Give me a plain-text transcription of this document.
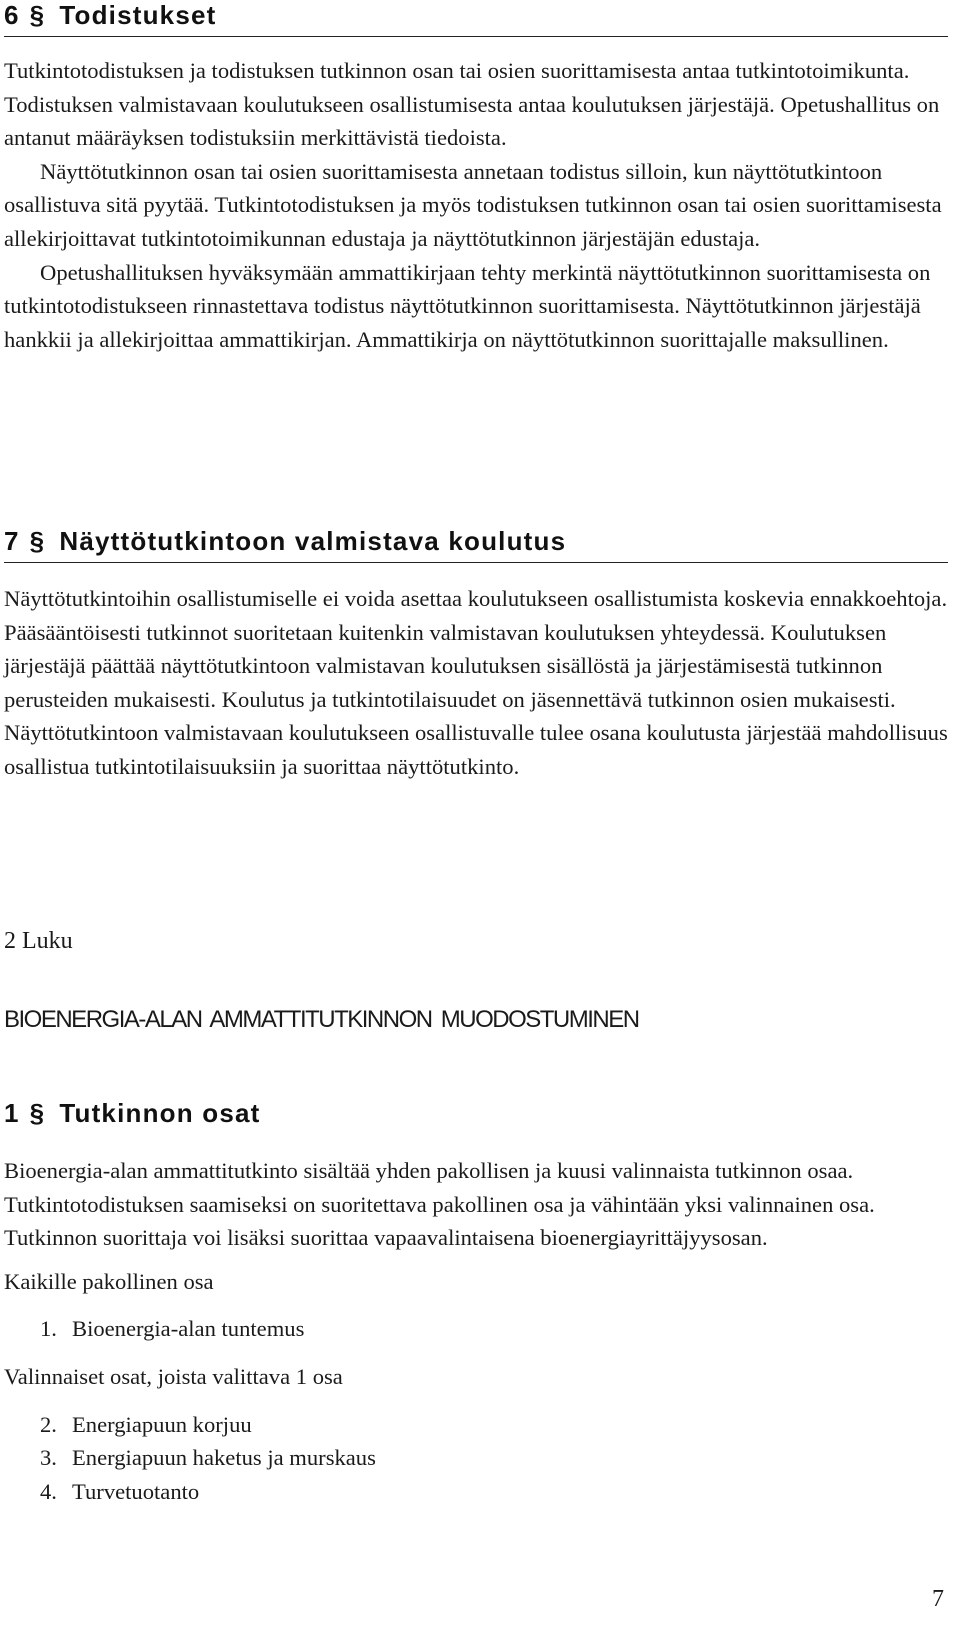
6 § Todistukset

Tutkintotodistuksen ja todistuksen tutkinnon osan tai osien suorittamisesta antaa tutkintotoimikunta. Todistuksen valmistavaan koulutukseen osallistumisesta antaa koulutuksen järjestäjä. Opetushallitus on antanut määräyksen todistuksiin merkittävistä tiedoista.

Näyttötutkinnon osan tai osien suorittamisesta annetaan todistus silloin, kun näyttötutkintoon osallistuva sitä pyytää. Tutkintotodistuksen ja myös todistuksen tutkinnon osan tai osien suorittamisesta allekirjoittavat tutkintotoimikunnan edustaja ja näyttötutkinnon järjestäjän edustaja.

Opetushallituksen hyväksymään ammattikirjaan tehty merkintä näyttötutkinnon suorittamisesta on tutkintotodistukseen rinnastettava todistus näyttötutkinnon suorittamisesta. Näyttötutkinnon järjestäjä hankkii ja allekirjoittaa ammattikirjan. Ammattikirja on näyttötutkinnon suorittajalle maksullinen.

7 § Näyttötutkintoon valmistava koulutus

Näyttötutkintoihin osallistumiselle ei voida asettaa koulutukseen osallistumista koskevia ennakkoehtoja. Pääsääntöisesti tutkinnot suoritetaan kuitenkin valmistavan koulutuksen yhteydessä. Koulutuksen järjestäjä päättää näyttötutkintoon valmistavan koulutuksen sisällöstä ja järjestämisestä tutkinnon perusteiden mukaisesti. Koulutus ja tutkintotilaisuudet on jäsennettävä tutkinnon osien mukaisesti. Näyttötutkintoon valmistavaan koulutukseen osallistuvalle tulee osana koulutusta järjestää mahdollisuus osallistua tutkintotilaisuuksiin ja suorittaa näyttötutkinto.

2 Luku

BIOENERGIA-ALAN AMMATTITUTKINNON MUODOSTUMINEN

1 § Tutkinnon osat

Bioenergia-alan ammattitutkinto sisältää yhden pakollisen ja kuusi valinnaista tutkinnon osaa. Tutkintotodistuksen saamiseksi on suoritettava pakollinen osa ja vähintään yksi valinnainen osa. Tutkinnon suorittaja voi lisäksi suorittaa vapaavalintaisena bioenergiayrittäjyysosan.

Kaikille pakollinen osa

1. Bioenergia-alan tuntemus

Valinnaiset osat, joista valittava 1 osa

2. Energiapuun korjuu
3. Energiapuun haketus ja murskaus
4. Turvetuotanto
7
